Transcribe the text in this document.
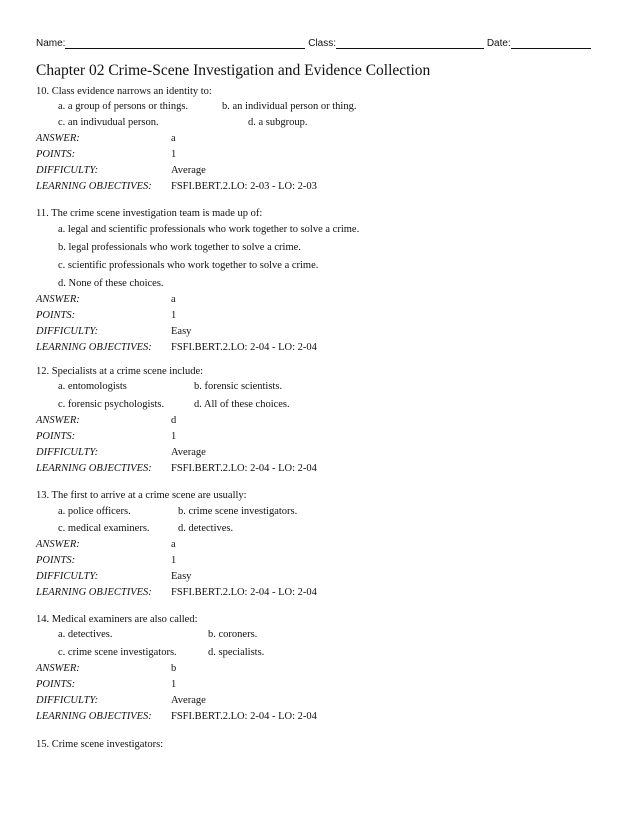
Name:	Class:	Date:
Chapter 02 Crime-Scene Investigation and Evidence Collection
10. Class evidence narrows an identity to:
a. a group of persons or things.	b. an individual person or thing.
c. an indivudual person.	d. a subgroup.
ANSWER:	a
POINTS:	1
DIFFICULTY:	Average
LEARNING OBJECTIVES: FSFI.BERT.2.LO: 2-03 - LO: 2-03
11. The crime scene investigation team is made up of:
a. legal and scientific professionals who work together to solve a crime.
b. legal professionals who work together to solve a crime.
c. scientific professionals who work together to solve a crime.
d. None of these choices.
ANSWER:	a
POINTS:	1
DIFFICULTY:	Easy
LEARNING OBJECTIVES: FSFI.BERT.2.LO: 2-04 - LO: 2-04
12. Specialists at a crime scene include:
a. entomologists	b. forensic scientists.
c. forensic psychologists.	d. All of these choices.
ANSWER:	d
POINTS:	1
DIFFICULTY:	Average
LEARNING OBJECTIVES: FSFI.BERT.2.LO: 2-04 - LO: 2-04
13. The first to arrive at a crime scene are usually:
a. police officers.	b. crime scene investigators.
c. medical examiners.	d. detectives.
ANSWER:	a
POINTS:	1
DIFFICULTY:	Easy
LEARNING OBJECTIVES: FSFI.BERT.2.LO: 2-04 - LO: 2-04
14. Medical examiners are also called:
a. detectives.	b. coroners.
c. crime scene investigators.	d. specialists.
ANSWER:	b
POINTS:	1
DIFFICULTY:	Average
LEARNING OBJECTIVES: FSFI.BERT.2.LO: 2-04 - LO: 2-04
15. Crime scene investigators:
